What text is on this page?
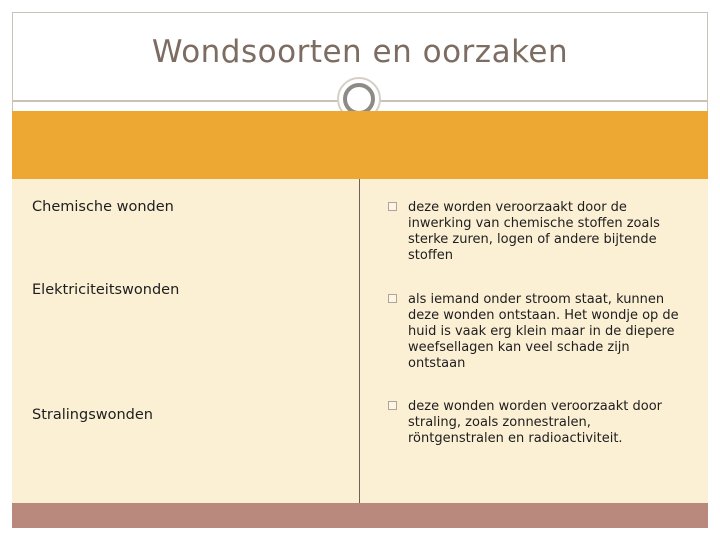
Wondsoorten en oorzaken
Chemische wonden
Elektriciteitswonden
Stralingswonden
deze worden veroorzaakt door de inwerking van chemische stoffen zoals sterke zuren, logen of andere bijtende stoffen
als iemand onder stroom staat, kunnen deze wonden ontstaan. Het wondje op de huid is vaak erg klein maar in de diepere weefsellagen kan veel schade zijn ontstaan
deze wonden worden veroorzaakt door straling, zoals zonnestralen, röntgenstralen en radioactiviteit.
